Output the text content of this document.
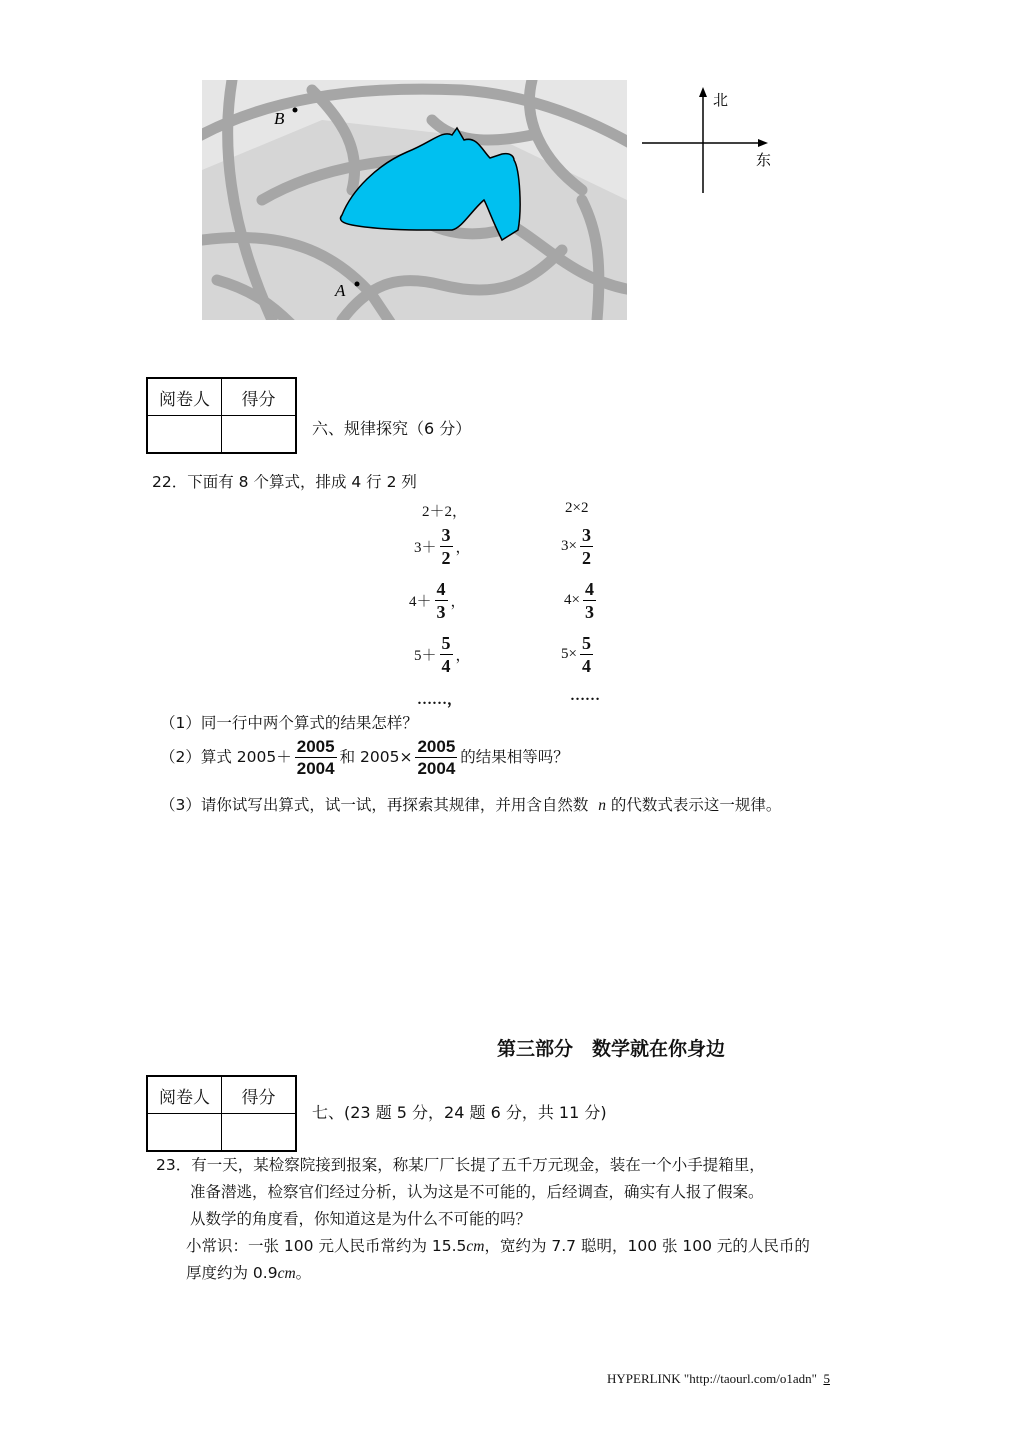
B
A
北
东
阅卷人	得分

六、规律探究（6 分）
22．下面有 8 个算式，排成 4 行 2 列
2＋2，	2×2
$3+ \frac{3}{2}$ ，	$3\times \frac{3}{2}$
$4+ \frac{4}{3}$ ，	$4\times \frac{4}{3}$
$5+ \frac{5}{4}$ ，	$5\times \frac{5}{4}$
……，	……
（1）同一行中两个算式的结果怎样？
（2）算式 $2005+ \frac{2005}{2004}$ 和 $2005\times \frac{2005}{2004}$ 的结果相等吗？
（3）请你试写出算式，试一试，再探索其规律，并用含自然数 n 的代数式表示这一规律。
第三部分　数学就在你身边
阅卷人	得分

七、(23 题 5 分，24 题 6 分，共 11 分)
23．有一天，某检察院接到报案，称某厂厂长提了五千万元现金，装在一个小手提箱里，
准备潜逃，检察官们经过分析，认为这是不可能的，后经调查，确实有人报了假案。
从数学的角度看，你知道这是为什么不可能的吗？
小常识：一张 100 元人民币常约为 15.5cm，宽约为 7.7 聪明，100 张 100 元的人民币的
厚度约为 0.9cm。
HYPERLINK "http://taourl.com/o1adn" 5
